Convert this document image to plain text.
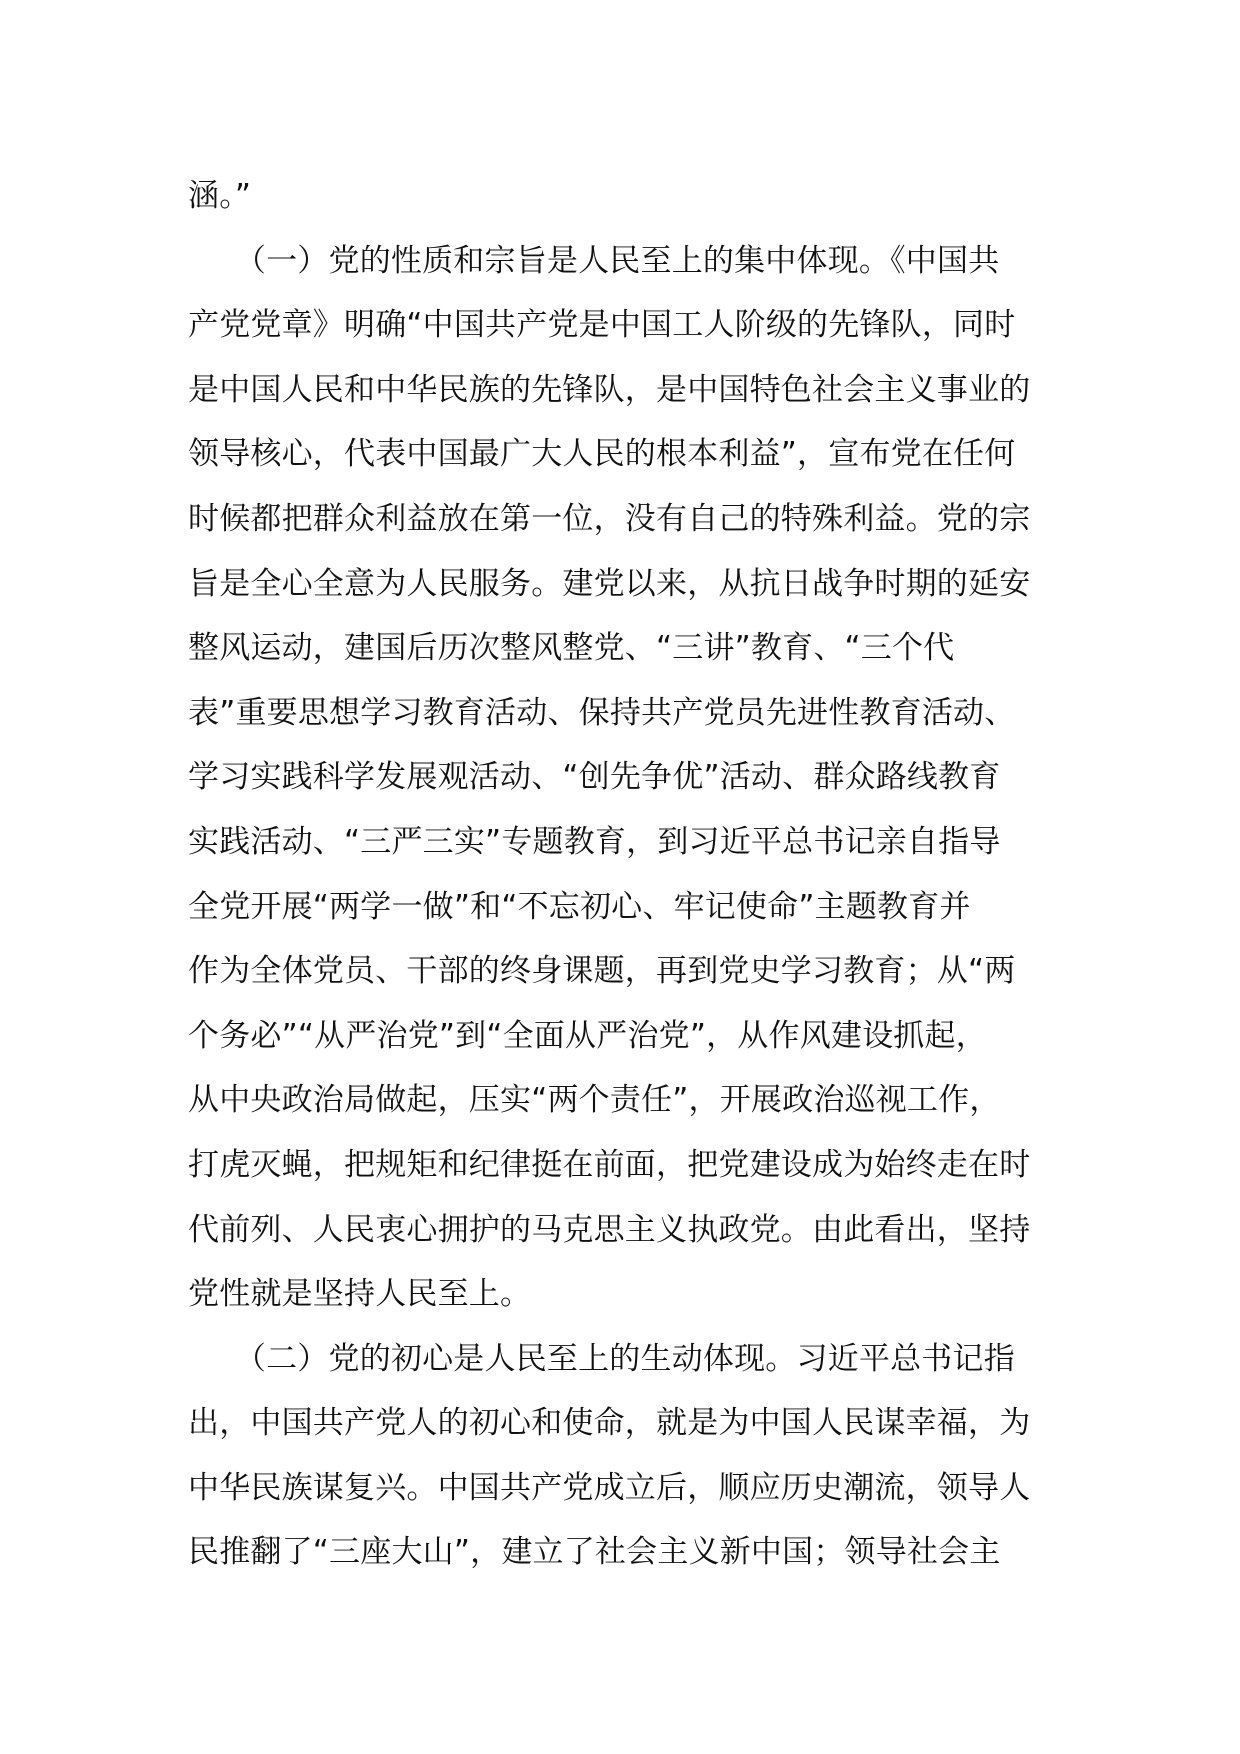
涵。”
　　（一）党的性质和宗旨是人民至上的集中体现。《中国共
产党党章》明确“中国共产党是中国工人阶级的先锋队，同时
是中国人民和中华民族的先锋队，是中国特色社会主义事业的
领导核心，代表中国最广大人民的根本利益”，宣布党在任何
时候都把群众利益放在第一位，没有自己的特殊利益。党的宗
旨是全心全意为人民服务。建党以来，从抗日战争时期的延安
整风运动，建国后历次整风整党、“三讲”教育、“三个代
表”重要思想学习教育活动、保持共产党员先进性教育活动、
学习实践科学发展观活动、“创先争优”活动、群众路线教育
实践活动、“三严三实”专题教育，到习近平总书记亲自指导
全党开展“两学一做”和“不忘初心、牢记使命”主题教育并
作为全体党员、干部的终身课题，再到党史学习教育；从“两
个务必”“从严治党”到“全面从严治党”，从作风建设抓起，
从中央政治局做起，压实“两个责任”，开展政治巡视工作，
打虎灭蝇，把规矩和纪律挺在前面，把党建设成为始终走在时
代前列、人民衷心拥护的马克思主义执政党。由此看出，坚持
党性就是坚持人民至上。
　　（二）党的初心是人民至上的生动体现。习近平总书记指
出，中国共产党人的初心和使命，就是为中国人民谋幸福，为
中华民族谋复兴。中国共产党成立后，顺应历史潮流，领导人
民推翻了“三座大山”，建立了社会主义新中国；领导社会主
